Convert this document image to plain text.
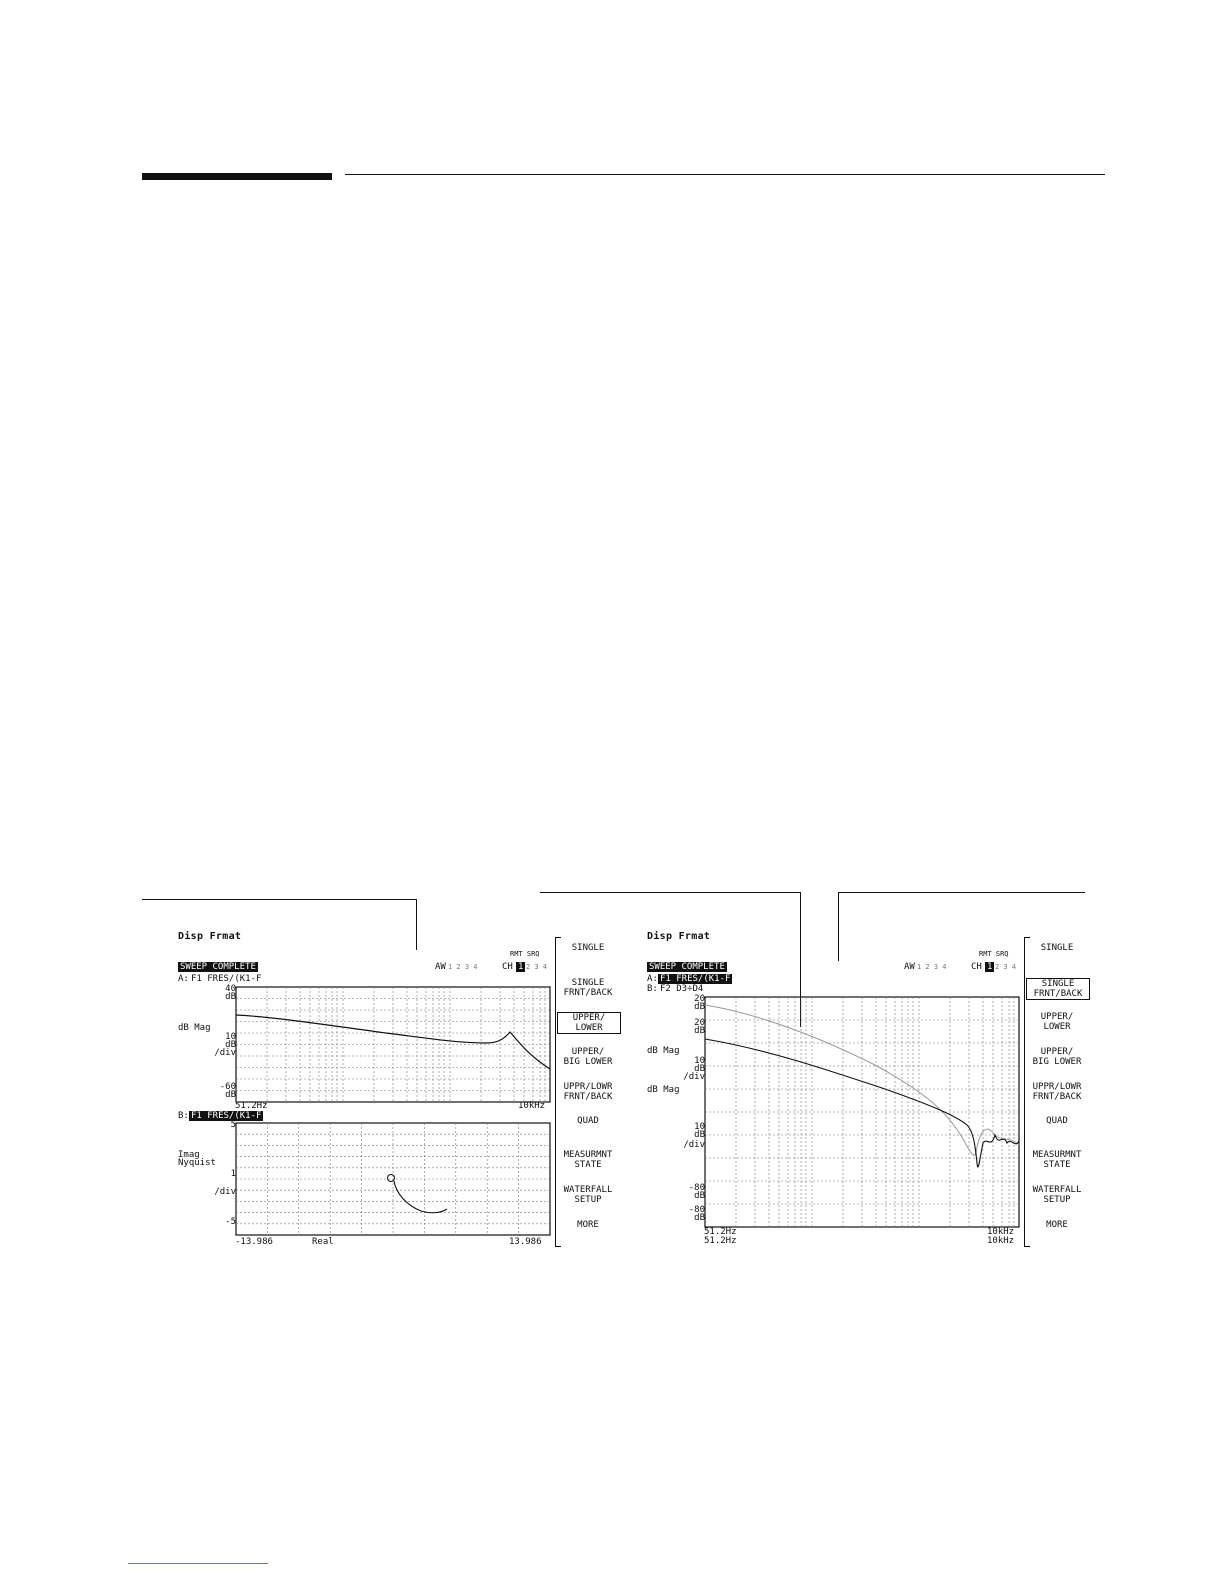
Disp Frmat
RMT SRQ
SWEEP COMPLETE	AW 1 2 3 4	CH 1 2 3 4
A: F1 FRES/(K1-F
40
dB
dB Mag
10
dB
/div
-60
dB
51.2Hz	10kHz
B: F1 FRES/(K1-F
5
Imag
Nyquist
1
/div
-5
-13.986	Real	13.986
SINGLE
SINGLE
FRNT/BACK
UPPER/
LOWER
UPPER/
BIG LOWER
UPPR/LOWR
FRNT/BACK
QUAD
MEASURMNT
STATE
WATERFALL
SETUP
MORE
Disp Frmat
RMT SRQ
SWEEP COMPLETE	AW 1 2 3 4	CH 1 2 3 4
A: F1 FRES/(K1-F
B: F2 D3÷D4
20
dB
20
dB
dB Mag
10
dB
/div
dB Mag
10
dB
/div
-80
dB
-80
dB
51.2Hz
51.2Hz
10kHz
10kHz
SINGLE
SINGLE
FRNT/BACK
UPPER/
LOWER
UPPER/
BIG LOWER
UPPR/LOWR
FRNT/BACK
QUAD
MEASURMNT
STATE
WATERFALL
SETUP
MORE
